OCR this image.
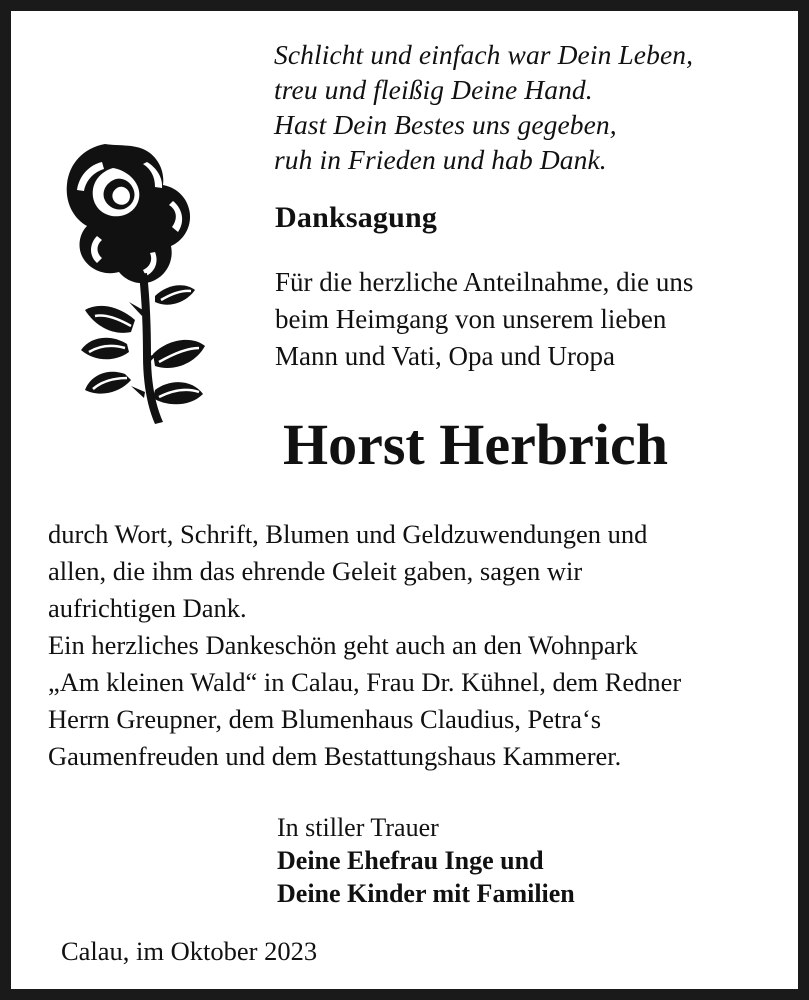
Schlicht und einfach war Dein Leben,
treu und fleißig Deine Hand.
Hast Dein Bestes uns gegeben,
ruh in Frieden und hab Dank.
Danksagung
Für die herzliche Anteilnahme, die uns
beim Heimgang von unserem lieben
Mann und Vati, Opa und Uropa
Horst Herbrich
durch Wort, Schrift, Blumen und Geldzuwendungen und
allen, die ihm das ehrende Geleit gaben, sagen wir
aufrichtigen Dank.
Ein herzliches Dankeschön geht auch an den Wohnpark
„Am kleinen Wald“ in Calau, Frau Dr. Kühnel, dem Redner
Herrn Greupner, dem Blumenhaus Claudius, Petra‘s
Gaumenfreuden und dem Bestattungshaus Kammerer.
In stiller Trauer
Deine Ehefrau Inge und
Deine Kinder mit Familien
Calau, im Oktober 2023
